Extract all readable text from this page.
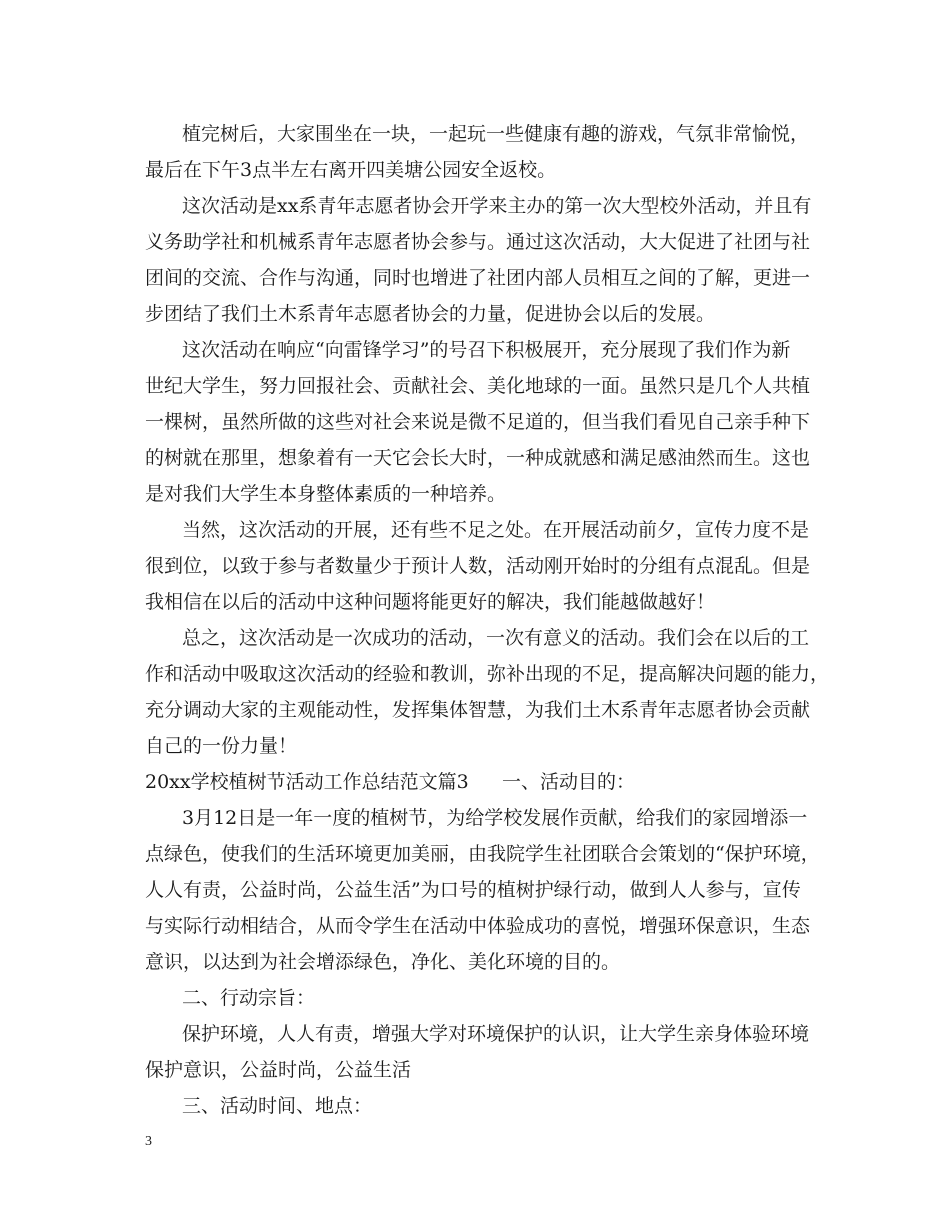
植完树后，大家围坐在一块，一起玩一些健康有趣的游戏，气氛非常愉悦，
最后在下午3点半左右离开四美塘公园安全返校。
这次活动是xx系青年志愿者协会开学来主办的第一次大型校外活动，并且有
义务助学社和机械系青年志愿者协会参与。通过这次活动，大大促进了社团与社
团间的交流、合作与沟通，同时也增进了社团内部人员相互之间的了解，更进一
步团结了我们土木系青年志愿者协会的力量，促进协会以后的发展。
这次活动在响应“向雷锋学习”的号召下积极展开，充分展现了我们作为新
世纪大学生，努力回报社会、贡献社会、美化地球的一面。虽然只是几个人共植
一棵树，虽然所做的这些对社会来说是微不足道的，但当我们看见自己亲手种下
的树就在那里，想象着有一天它会长大时，一种成就感和满足感油然而生。这也
是对我们大学生本身整体素质的一种培养。
当然，这次活动的开展，还有些不足之处。在开展活动前夕，宣传力度不是
很到位，以致于参与者数量少于预计人数，活动刚开始时的分组有点混乱。但是
我相信在以后的活动中这种问题将能更好的解决，我们能越做越好！
总之，这次活动是一次成功的活动，一次有意义的活动。我们会在以后的工
作和活动中吸取这次活动的经验和教训，弥补出现的不足，提高解决问题的能力，
充分调动大家的主观能动性，发挥集体智慧，为我们土木系青年志愿者协会贡献
自己的一份力量！
20xx学校植树节活动工作总结范文篇3 一、活动目的：
3月12日是一年一度的植树节，为给学校发展作贡献，给我们的家园增添一
点绿色，使我们的生活环境更加美丽，由我院学生社团联合会策划的“保护环境，
人人有责，公益时尚，公益生活”为口号的植树护绿行动，做到人人参与，宣传
与实际行动相结合，从而令学生在活动中体验成功的喜悦，增强环保意识，生态
意识，以达到为社会增添绿色，净化、美化环境的目的。
二、行动宗旨：
保护环境，人人有责，增强大学对环境保护的认识，让大学生亲身体验环境
保护意识，公益时尚，公益生活
三、活动时间、地点：
3
